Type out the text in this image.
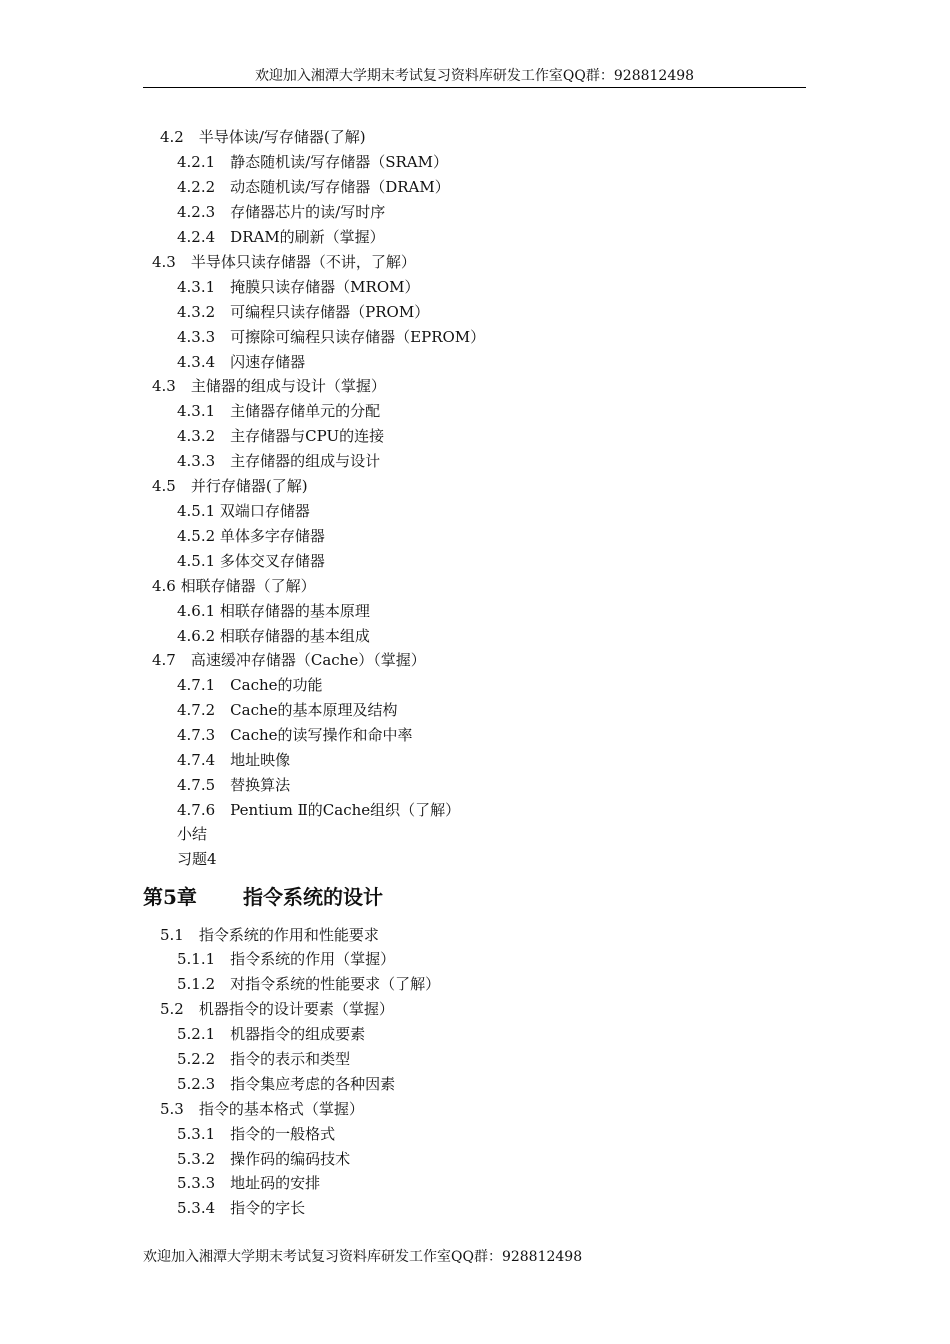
欢迎加入湘潭大学期末考试复习资料库研发工作室QQ群：928812498
4.2　半导体读/写存储器(了解)
4.2.1　静态随机读/写存储器（SRAM）
4.2.2　动态随机读/写存储器（DRAM）
4.2.3　存储器芯片的读/写时序
4.2.4　DRAM的刷新（掌握）
4.3　半导体只读存储器（不讲，了解）
4.3.1　掩膜只读存储器（MROM）
4.3.2　可编程只读存储器（PROM）
4.3.3　可擦除可编程只读存储器（EPROM）
4.3.4　闪速存储器
4.3　主储器的组成与设计（掌握）
4.3.1　主储器存储单元的分配
4.3.2　主存储器与CPU的连接
4.3.3　主存储器的组成与设计
4.5　并行存储器(了解)
4.5.1 双端口存储器
4.5.2 单体多字存储器
4.5.1 多体交叉存储器
4.6 相联存储器（了解）
4.6.1 相联存储器的基本原理
4.6.2 相联存储器的基本组成
4.7　高速缓冲存储器（Cache）（掌握）
4.7.1　Cache的功能
4.7.2　Cache的基本原理及结构
4.7.3　Cache的读写操作和命中率
4.7.4　地址映像
4.7.5　替换算法
4.7.6　Pentium Ⅱ的Cache组织（了解）
小结
习题4
第5章 指令系统的设计
5.1　指令系统的作用和性能要求
5.1.1　指令系统的作用（掌握）
5.1.2　对指令系统的性能要求（了解）
5.2　机器指令的设计要素（掌握）
5.2.1　机器指令的组成要素
5.2.2　指令的表示和类型
5.2.3　指令集应考虑的各种因素
5.3　指令的基本格式（掌握）
5.3.1　指令的一般格式
5.3.2　操作码的编码技术
5.3.3　地址码的安排
5.3.4　指令的字长
欢迎加入湘潭大学期末考试复习资料库研发工作室QQ群：928812498
